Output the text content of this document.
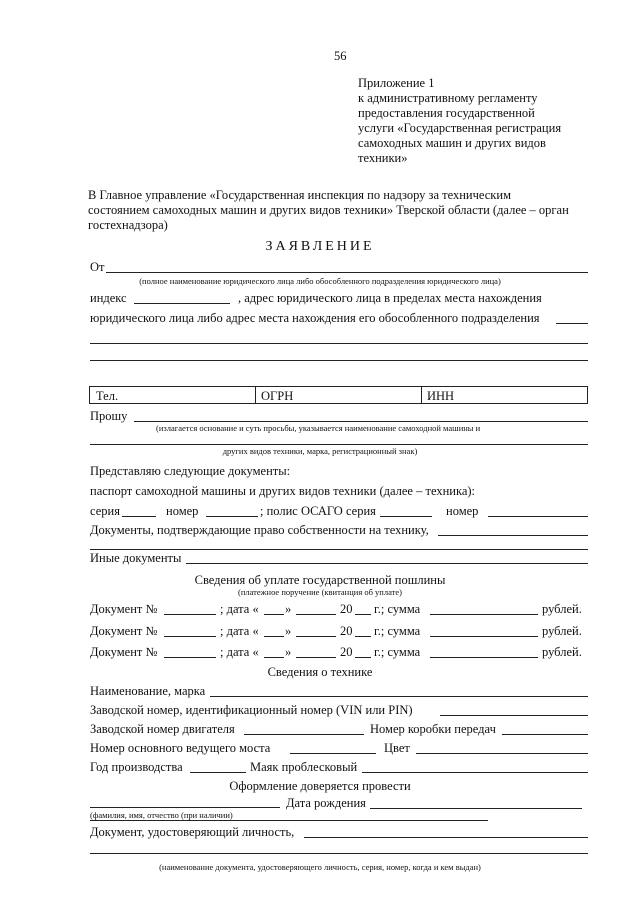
56
Приложение 1
к административному регламенту
предоставления государственной
услуги «Государственная регистрация
самоходных машин и других видов
техники»
В Главное управление «Государственная инспекция по надзору за техническим
состоянием самоходных машин и других видов техники» Тверской области (далее – орган
гостехнадзора)
ЗАЯВЛЕНИЕ
От
(полное наименование юридического лица либо обособленного подразделения юридического лица)
индекс	, адрес юридического лица в пределах места нахождения
юридического лица либо адрес места нахождения его обособленного подразделения
Тел.	ОГРН	ИНН
Прошу
(излагается основание и суть просьбы, указывается наименование самоходной машины и
других видов техники, марка, регистрационный знак)
Представляю следующие документы:
паспорт самоходной машины и других видов техники (далее – техника):
серия	номер	; полис ОСАГО серия	номер
Документы, подтверждающие право собственности на технику,
Иные документы
Сведения об уплате государственной пошлины
(платежное поручение (квитанция об уплате)
Документ №	; дата « »	20 г.; сумма	рублей.
Документ №	; дата « »	20 г.; сумма	рублей.
Документ №	; дата « »	20 г.; сумма	рублей.
Сведения о технике
Наименование, марка
Заводской номер, идентификационный номер (VIN или PIN)
Заводской номер двигателя	Номер коробки передач
Номер основного ведущего моста	Цвет
Год производства	Маяк проблесковый
Оформление доверяется провести
Дата рождения
(фамилия, имя, отчество (при наличии)
Документ, удостоверяющий личность,
(наименование документа, удостоверяющего личность, серия, номер, когда и кем выдан)
